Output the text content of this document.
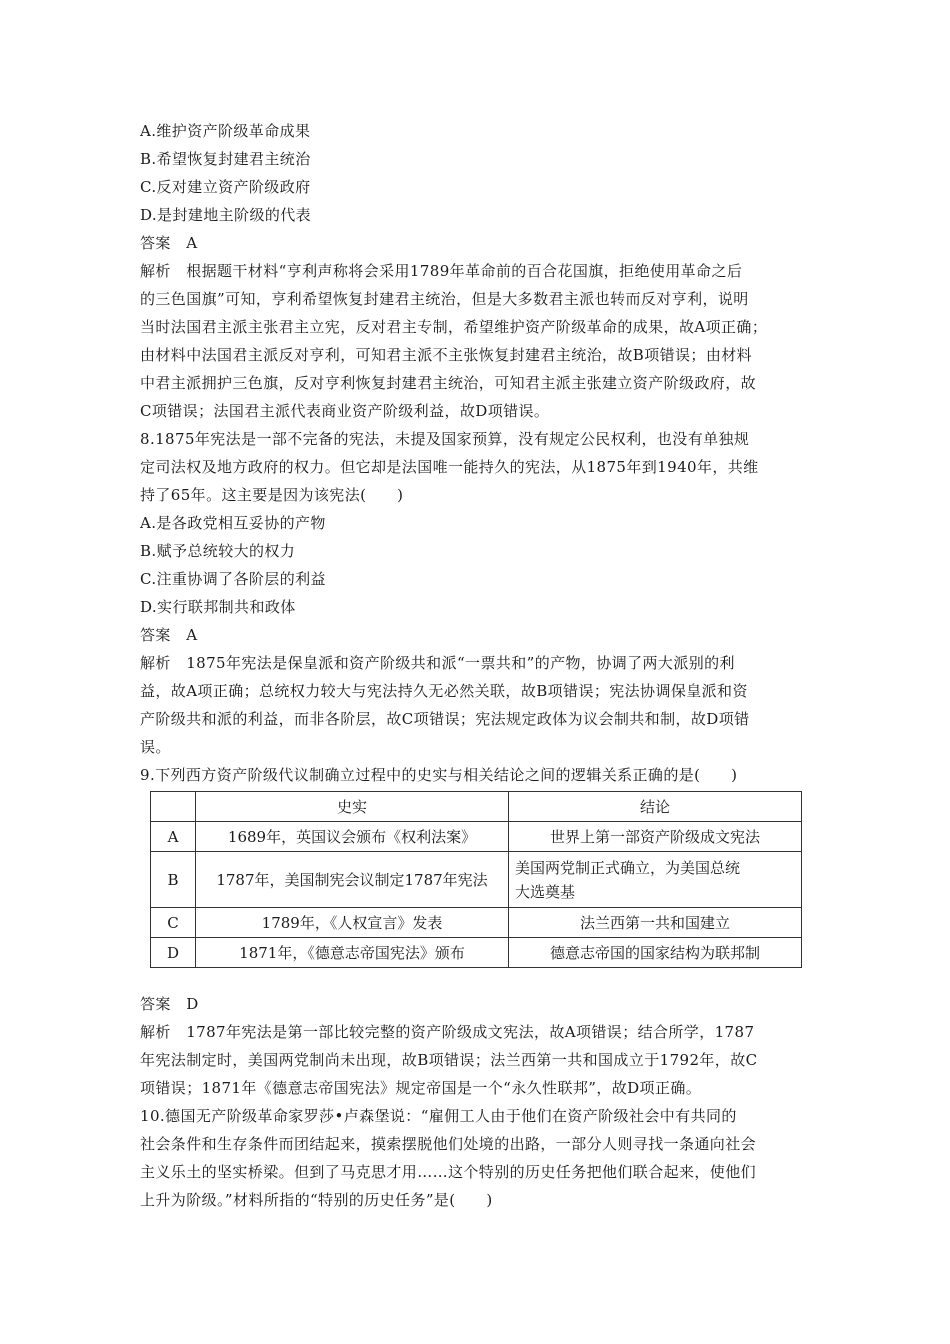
A.维护资产阶级革命成果
B.希望恢复封建君主统治
C.反对建立资产阶级政府
D.是封建地主阶级的代表
答案　A
解析　根据题干材料“亨利声称将会采用1789年革命前的百合花国旗，拒绝使用革命之后
的三色国旗”可知，亨利希望恢复封建君主统治，但是大多数君主派也转而反对亨利，说明
当时法国君主派主张君主立宪，反对君主专制，希望维护资产阶级革命的成果，故A项正确；
由材料中法国君主派反对亨利，可知君主派不主张恢复封建君主统治，故B项错误；由材料
中君主派拥护三色旗，反对亨利恢复封建君主统治，可知君主派主张建立资产阶级政府，故
C项错误；法国君主派代表商业资产阶级利益，故D项错误。
8.1875年宪法是一部不完备的宪法，未提及国家预算，没有规定公民权利，也没有单独规
定司法权及地方政府的权力。但它却是法国唯一能持久的宪法，从1875年到1940年，共维
持了65年。这主要是因为该宪法(　　)
A.是各政党相互妥协的产物
B.赋予总统较大的权力
C.注重协调了各阶层的利益
D.实行联邦制共和政体
答案　A
解析　1875年宪法是保皇派和资产阶级共和派“一票共和”的产物，协调了两大派别的利
益，故A项正确；总统权力较大与宪法持久无必然关联，故B项错误；宪法协调保皇派和资
产阶级共和派的利益，而非各阶层，故C项错误；宪法规定政体为议会制共和制，故D项错
误。
9.下列西方资产阶级代议制确立过程中的史实与相关结论之间的逻辑关系正确的是(　　)
	史实	结论
A	1689年，英国议会颁布《权利法案》	世界上第一部资产阶级成文宪法
B	1787年，美国制宪会议制定1787年宪法	美国两党制正式确立，为美国总统
大选奠基
C	1789年，《人权宣言》发表	法兰西第一共和国建立
D	1871年，《德意志帝国宪法》颁布	德意志帝国的国家结构为联邦制
答案　D
解析　1787年宪法是第一部比较完整的资产阶级成文宪法，故A项错误；结合所学，1787
年宪法制定时，美国两党制尚未出现，故B项错误；法兰西第一共和国成立于1792年，故C
项错误；1871年《德意志帝国宪法》规定帝国是一个“永久性联邦”，故D项正确。
10.德国无产阶级革命家罗莎•卢森堡说：“雇佣工人由于他们在资产阶级社会中有共同的
社会条件和生存条件而团结起来，摸索摆脱他们处境的出路，一部分人则寻找一条通向社会
主义乐土的坚实桥梁。但到了马克思才用……这个特别的历史任务把他们联合起来，使他们
上升为阶级。”材料所指的“特别的历史任务”是(　　)
